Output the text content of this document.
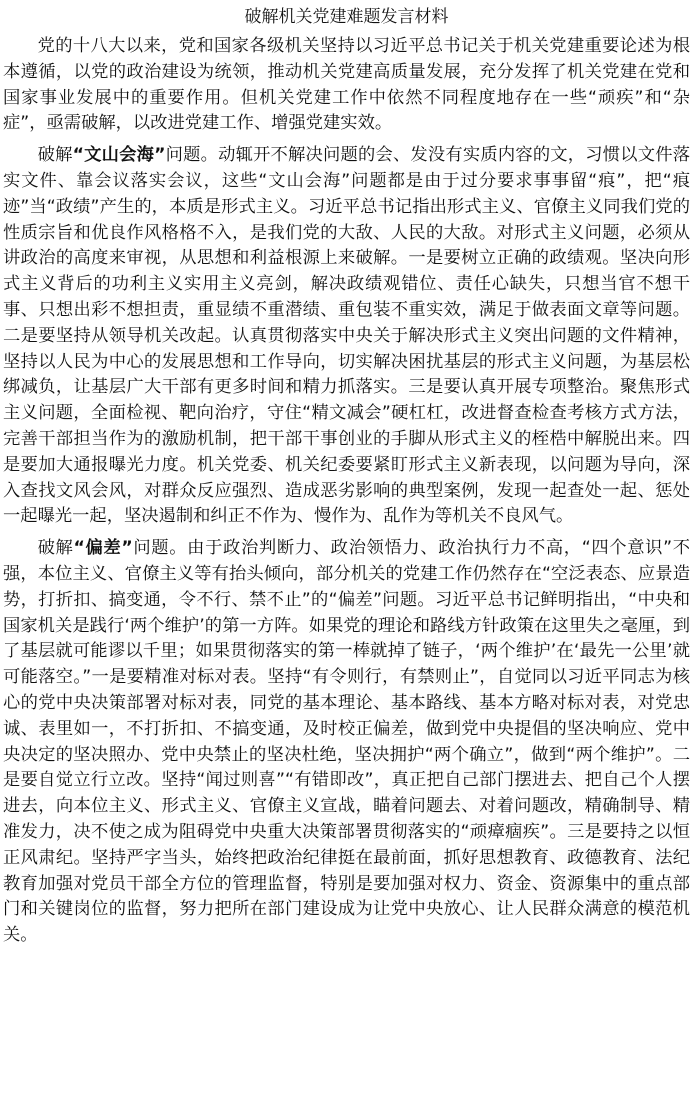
破解机关党建难题发言材料

党的十八大以来，党和国家各级机关坚持以习近平总书记关于机关党建重要论述为根本遵循，以党的政治建设为统领，推动机关党建高质量发展，充分发挥了机关党建在党和国家事业发展中的重要作用。但机关党建工作中依然不同程度地存在一些“顽疾”和“杂症”，亟需破解，以改进党建工作、增强党建实效。

破解“文山会海”问题。动辄开不解决问题的会、发没有实质内容的文，习惯以文件落实文件、靠会议落实会议，这些“文山会海”问题都是由于过分要求事事留“痕”，把“痕迹”当“政绩”产生的，本质是形式主义。习近平总书记指出形式主义、官僚主义同我们党的性质宗旨和优良作风格格不入，是我们党的大敌、人民的大敌。对形式主义问题，必须从讲政治的高度来审视，从思想和利益根源上来破解。一是要树立正确的政绩观。坚决向形式主义背后的功利主义实用主义亮剑，解决政绩观错位、责任心缺失，只想当官不想干事、只想出彩不想担责，重显绩不重潜绩、重包装不重实效，满足于做表面文章等问题。二是要坚持从领导机关改起。认真贯彻落实中央关于解决形式主义突出问题的文件精神，坚持以人民为中心的发展思想和工作导向，切实解决困扰基层的形式主义问题，为基层松绑减负，让基层广大干部有更多时间和精力抓落实。三是要认真开展专项整治。聚焦形式主义问题，全面检视、靶向治疗，守住“精文减会”硬杠杠，改进督查检查考核方式方法，完善干部担当作为的激励机制，把干部干事创业的手脚从形式主义的桎梏中解脱出来。四是要加大通报曝光力度。机关党委、机关纪委要紧盯形式主义新表现，以问题为导向，深入查找文风会风，对群众反应强烈、造成恶劣影响的典型案例，发现一起查处一起、惩处一起曝光一起，坚决遏制和纠正不作为、慢作为、乱作为等机关不良风气。

破解“偏差”问题。由于政治判断力、政治领悟力、政治执行力不高，“四个意识”不强，本位主义、官僚主义等有抬头倾向，部分机关的党建工作仍然存在“空泛表态、应景造势，打折扣、搞变通，令不行、禁不止”的“偏差”问题。习近平总书记鲜明指出，“中央和国家机关是践行‘两个维护’的第一方阵。如果党的理论和路线方针政策在这里失之毫厘，到了基层就可能谬以千里；如果贯彻落实的第一棒就掉了链子，‘两个维护’在‘最先一公里’就可能落空。”一是要精准对标对表。坚持“有令则行，有禁则止”，自觉同以习近平同志为核心的党中央决策部署对标对表，同党的基本理论、基本路线、基本方略对标对表，对党忠诚、表里如一，不打折扣、不搞变通，及时校正偏差，做到党中央提倡的坚决响应、党中央决定的坚决照办、党中央禁止的坚决杜绝，坚决拥护“两个确立”，做到“两个维护”。二是要自觉立行立改。坚持“闻过则喜”“有错即改”，真正把自己部门摆进去、把自己个人摆进去，向本位主义、形式主义、官僚主义宣战，瞄着问题去、对着问题改，精确制导、精准发力，决不使之成为阻碍党中央重大决策部署贯彻落实的“顽瘴痼疾”。三是要持之以恒正风肃纪。坚持严字当头，始终把政治纪律挺在最前面，抓好思想教育、政德教育、法纪教育加强对党员干部全方位的管理监督，特别是要加强对权力、资金、资源集中的重点部门和关键岗位的监督，努力把所在部门建设成为让党中央放心、让人民群众满意的模范机关。
